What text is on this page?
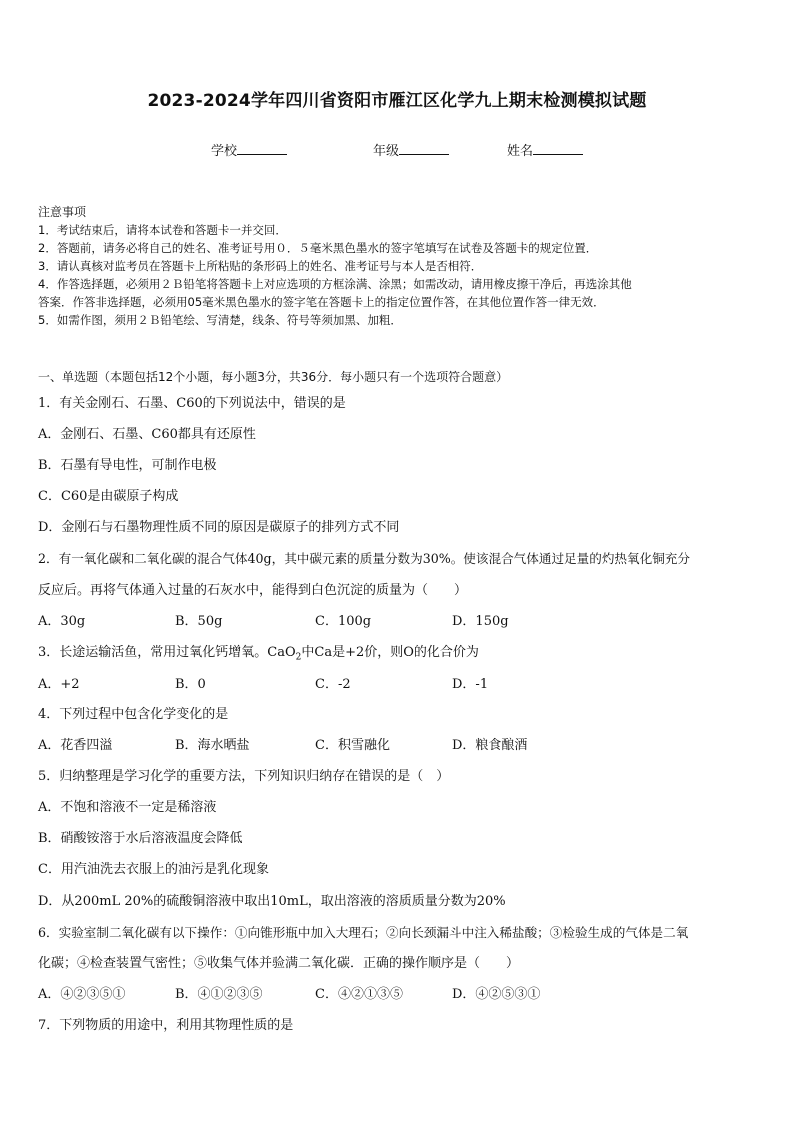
2023-2024学年四川省资阳市雁江区化学九上期末检测模拟试题
学校	年级	姓名
注意事项
1．考试结束后，请将本试卷和答题卡一并交回．
2．答题前，请务必将自己的姓名、准考证号用０．５毫米黑色墨水的签字笔填写在试卷及答题卡的规定位置．
3．请认真核对监考员在答题卡上所粘贴的条形码上的姓名、准考证号与本人是否相符．
4．作答选择题，必须用２Ｂ铅笔将答题卡上对应选项的方框涂满、涂黑；如需改动，请用橡皮擦干净后，再选涂其他
答案．作答非选择题，必须用05毫米黑色墨水的签字笔在答题卡上的指定位置作答，在其他位置作答一律无效．
5．如需作图，须用２Ｂ铅笔绘、写清楚，线条、符号等须加黑、加粗．
一、单选题（本题包括12个小题，每小题3分，共36分．每小题只有一个选项符合题意）
1．有关金刚石、石墨、C60的下列说法中，错误的是
A．金刚石、石墨、C60都具有还原性
B．石墨有导电性，可制作电极
C．C60是由碳原子构成
D．金刚石与石墨物理性质不同的原因是碳原子的排列方式不同
2．有一氧化碳和二氧化碳的混合气体40g，其中碳元素的质量分数为30%。使该混合气体通过足量的灼热氧化铜充分
反应后。再将气体通入过量的石灰水中，能得到白色沉淀的质量为（　　）
A．30g	B．50g	C．100g	D．150g
3．长途运输活鱼，常用过氧化钙增氧。CaO$_2$中Ca是+2价，则O的化合价为
A．+2	B．0	C．-2	D．-1
4．下列过程中包含化学变化的是
A．花香四溢	B．海水晒盐	C．积雪融化	D．粮食酿酒
5．归纳整理是学习化学的重要方法，下列知识归纳存在错误的是（　）
A．不饱和溶液不一定是稀溶液
B．硝酸铵溶于水后溶液温度会降低
C．用汽油洗去衣服上的油污是乳化现象
D．从200mL 20%的硫酸铜溶液中取出10mL，取出溶液的溶质质量分数为20%
6．实验室制二氧化碳有以下操作：①向锥形瓶中加入大理石；②向长颈漏斗中注入稀盐酸；③检验生成的气体是二氧
化碳；④检查装置气密性；⑤收集气体并验满二氧化碳．正确的操作顺序是（　　）
A．④②③⑤①	B．④①②③⑤	C．④②①③⑤	D．④②⑤③①
7．下列物质的用途中，利用其物理性质的是
